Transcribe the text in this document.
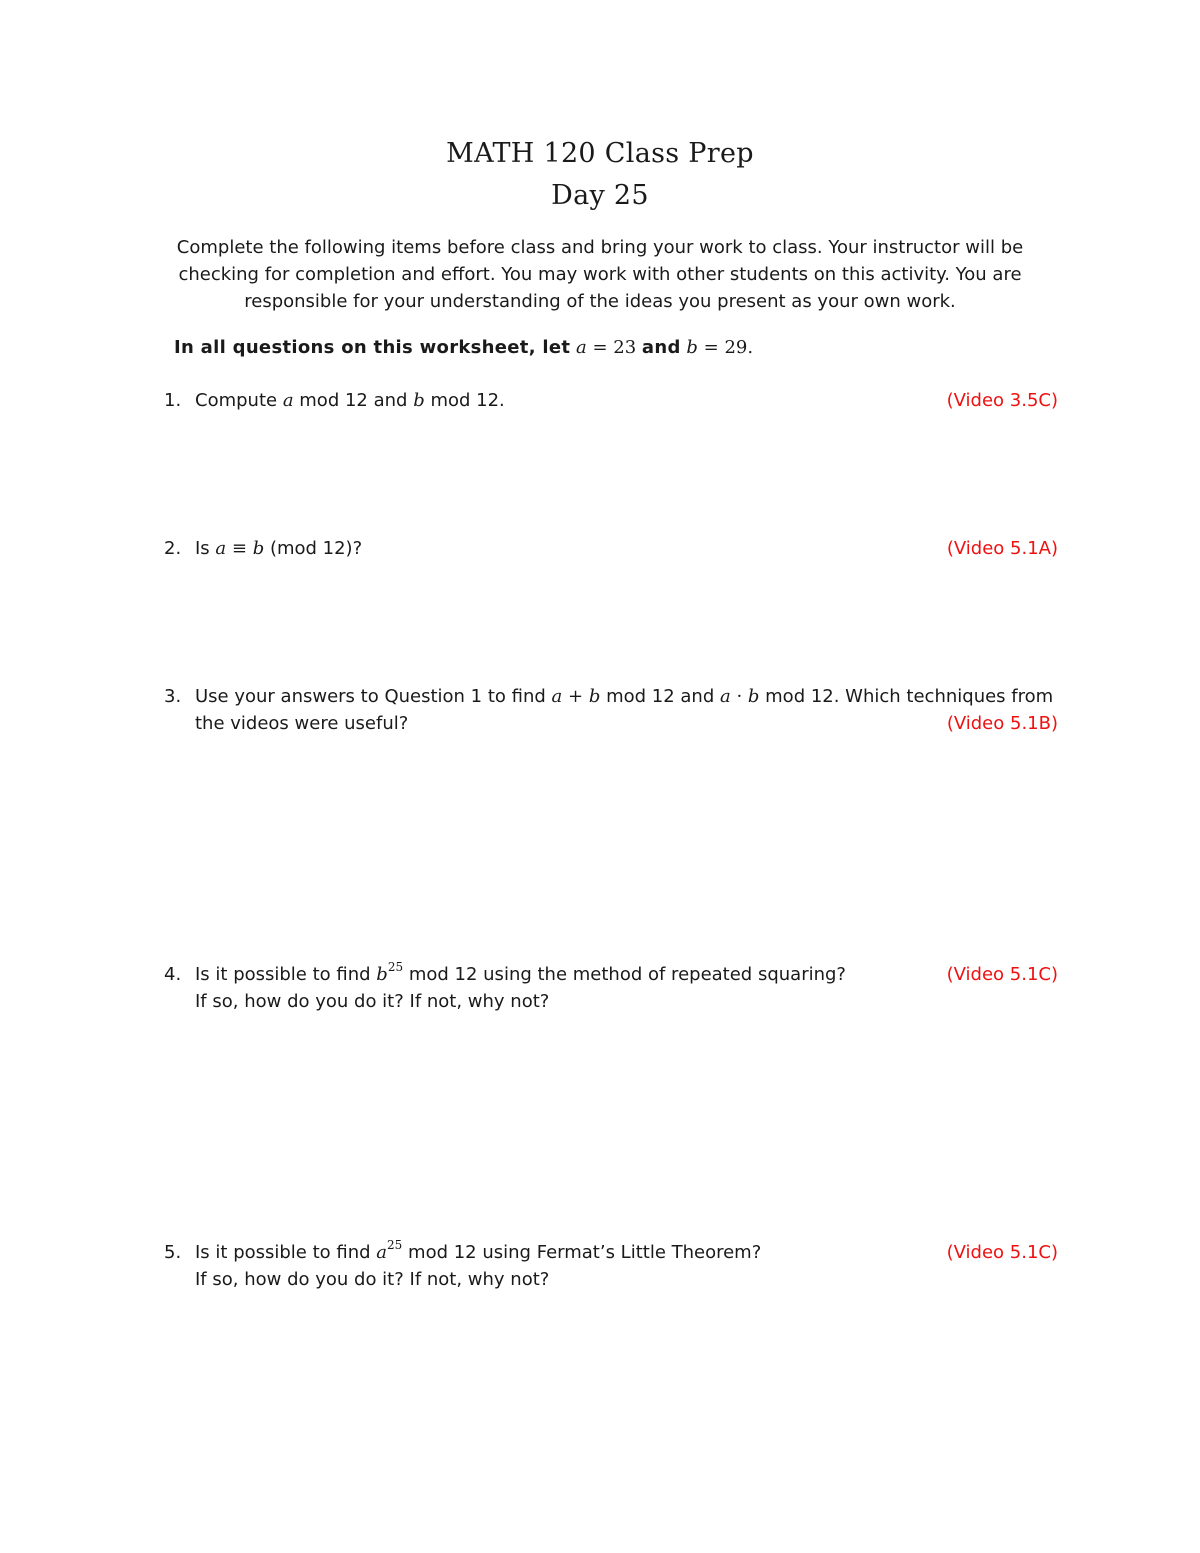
MATH 120 Class Prep
Day 25

Complete the following items before class and bring your work to class. Your instructor will be
checking for completion and effort. You may work with other students on this activity. You are
responsible for your understanding of the ideas you present as your own work.

In all questions on this worksheet, let a = 23 and b = 29.

1. Compute a mod 12 and b mod 12.	(Video 3.5C)
2. Is a ≡ b (mod 12)?	(Video 5.1A)
3. Use your answers to Question 1 to find a + b mod 12 and a · b mod 12. Which techniques from
the videos were useful?	(Video 5.1B)
4. Is it possible to find $b^{25}$ mod 12 using the method of repeated squaring?
If so, how do you do it? If not, why not?
(Video 5.1C)
5. Is it possible to find $a^{25}$ mod 12 using Fermat’s Little Theorem?
If so, how do you do it? If not, why not?
(Video 5.1C)
